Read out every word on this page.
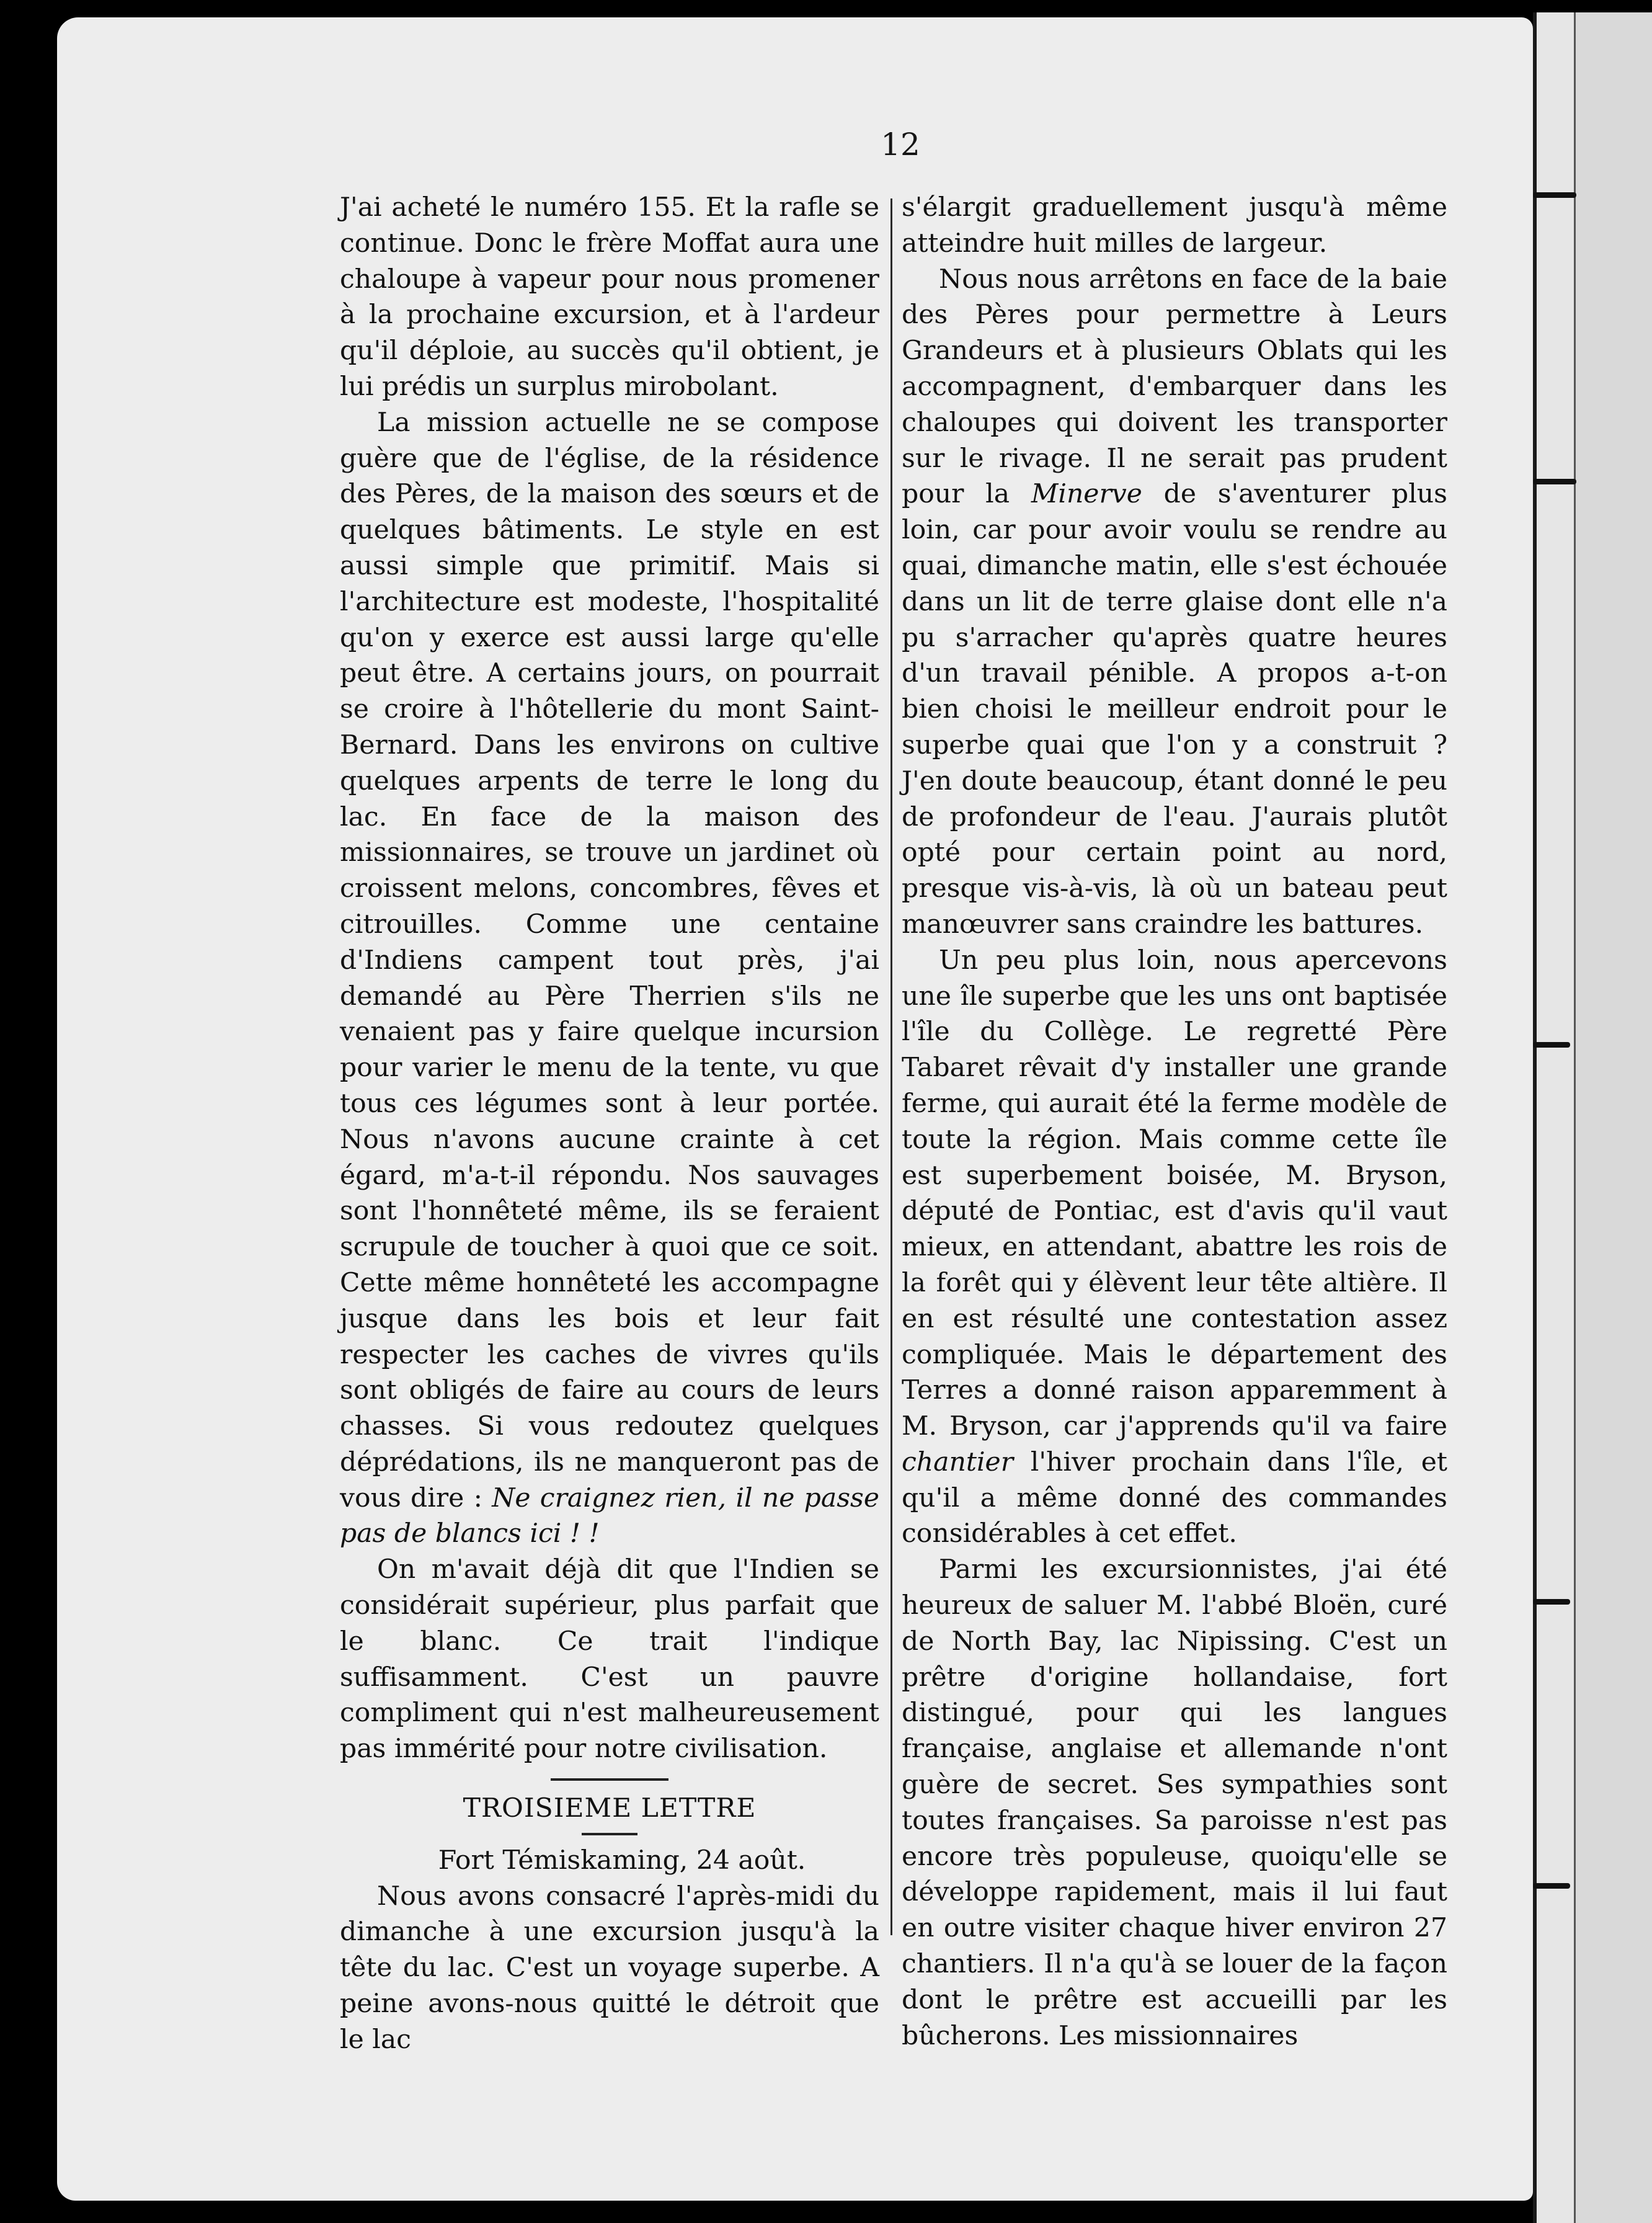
12

J'ai acheté le numéro 155. Et la rafle se continue. Donc le frère Moffat aura une chaloupe à vapeur pour nous promener à la prochaine excursion, et à l'ardeur qu'il déploie, au succès qu'il obtient, je lui prédis un surplus mirobolant.

La mission actuelle ne se compose guère que de l'église, de la résidence des Pères, de la maison des sœurs et de quelques bâtiments. Le style en est aussi simple que primitif. Mais si l'architecture est modeste, l'hospitalité qu'on y exerce est aussi large qu'elle peut être. A certains jours, on pourrait se croire à l'hôtellerie du mont Saint-Bernard. Dans les environs on cultive quelques arpents de terre le long du lac. En face de la maison des missionnaires, se trouve un jardinet où croissent melons, concombres, fêves et citrouilles. Comme une centaine d'Indiens campent tout près, j'ai demandé au Père Therrien s'ils ne venaient pas y faire quelque incursion pour varier le menu de la tente, vu que tous ces légumes sont à leur portée. Nous n'avons aucune crainte à cet égard, m'a-t-il répondu. Nos sauvages sont l'honnêteté même, ils se feraient scrupule de toucher à quoi que ce soit. Cette même honnêteté les accompagne jusque dans les bois et leur fait respecter les caches de vivres qu'ils sont obligés de faire au cours de leurs chasses. Si vous redoutez quelques déprédations, ils ne manqueront pas de vous dire : Ne craignez rien, il ne passe pas de blancs ici ! !

On m'avait déjà dit que l'Indien se considérait supérieur, plus parfait que le blanc. Ce trait l'indique suffisamment. C'est un pauvre compliment qui n'est malheureusement pas immérité pour notre civilisation.

TROISIEME LETTRE

Fort Témiskaming, 24 août.

Nous avons consacré l'après-midi du dimanche à une excursion jusqu'à la tête du lac. C'est un voyage superbe. A peine avons-nous quitté le détroit que le lac

s'élargit graduellement jusqu'à même atteindre huit milles de largeur.

Nous nous arrêtons en face de la baie des Pères pour permettre à Leurs Grandeurs et à plusieurs Oblats qui les accompagnent, d'embarquer dans les chaloupes qui doivent les transporter sur le rivage. Il ne serait pas prudent pour la Minerve de s'aventurer plus loin, car pour avoir voulu se rendre au quai, dimanche matin, elle s'est échouée dans un lit de terre glaise dont elle n'a pu s'arracher qu'après quatre heures d'un travail pénible. A propos a-t-on bien choisi le meilleur endroit pour le superbe quai que l'on y a construit ? J'en doute beaucoup, étant donné le peu de profondeur de l'eau. J'aurais plutôt opté pour certain point au nord, presque vis-à-vis, là où un bateau peut manœuvrer sans craindre les battures.

Un peu plus loin, nous apercevons une île superbe que les uns ont baptisée l'île du Collège. Le regretté Père Tabaret rêvait d'y installer une grande ferme, qui aurait été la ferme modèle de toute la région. Mais comme cette île est superbement boisée, M. Bryson, député de Pontiac, est d'avis qu'il vaut mieux, en attendant, abattre les rois de la forêt qui y élèvent leur tête altière. Il en est résulté une contestation assez compliquée. Mais le département des Terres a donné raison apparemment à M. Bryson, car j'apprends qu'il va faire chantier l'hiver prochain dans l'île, et qu'il a même donné des commandes considérables à cet effet.

Parmi les excursionnistes, j'ai été heureux de saluer M. l'abbé Bloën, curé de North Bay, lac Nipissing. C'est un prêtre d'origine hollandaise, fort distingué, pour qui les langues française, anglaise et allemande n'ont guère de secret. Ses sympathies sont toutes françaises. Sa paroisse n'est pas encore très populeuse, quoiqu'elle se développe rapidement, mais il lui faut en outre visiter chaque hiver environ 27 chantiers. Il n'a qu'à se louer de la façon dont le prêtre est accueilli par les bûcherons. Les missionnaires
